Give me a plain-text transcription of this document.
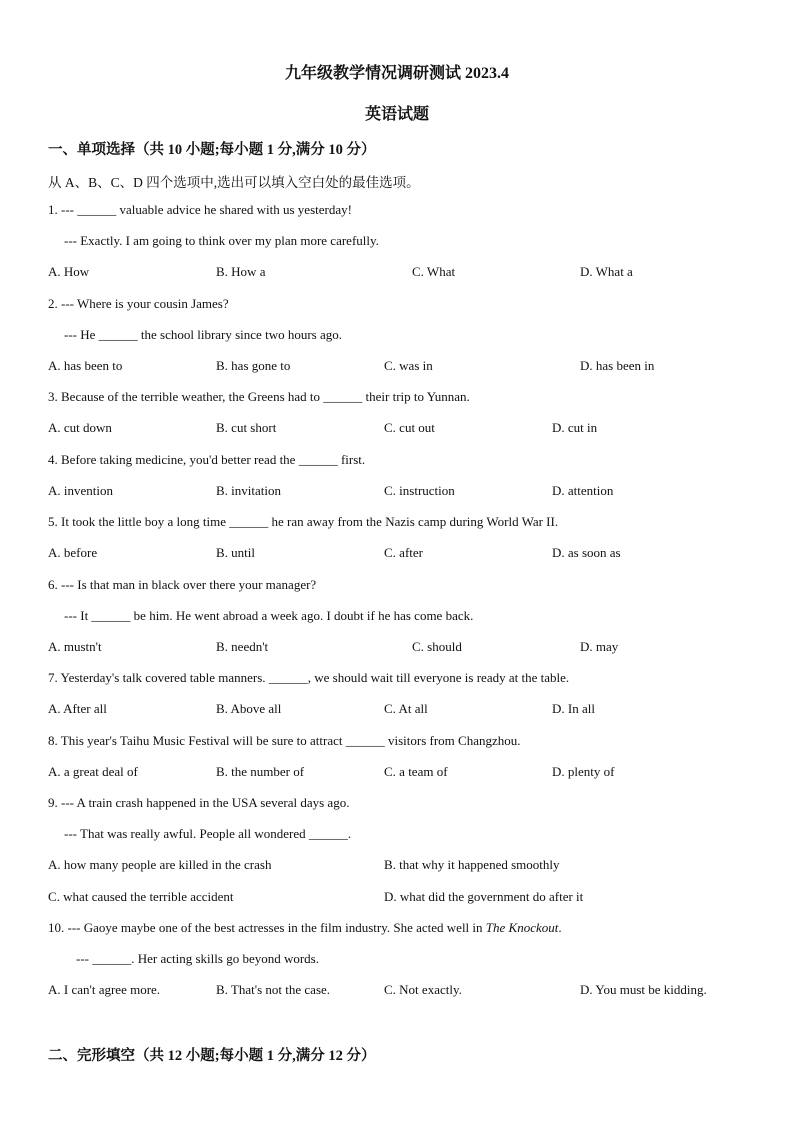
九年级教学情况调研测试 2023.4
英语试题
一、单项选择（共 10 小题;每小题 1 分,满分 10 分）
从 A、B、C、D 四个选项中,选出可以填入空白处的最佳选项。
1. --- ______ valuable advice he shared with us yesterday!
--- Exactly. I am going to think over my plan more carefully.
A. How	B. How a	C. What	D. What a
2. --- Where is your cousin James?
--- He ______ the school library since two hours ago.
A. has been to	B. has gone to	C. was in	D. has been in
3. Because of the terrible weather, the Greens had to ______ their trip to Yunnan.
A. cut down	B. cut short	C. cut out	D. cut in
4. Before taking medicine, you'd better read the ______ first.
A. invention	B. invitation	C. instruction	D. attention
5. It took the little boy a long time ______ he ran away from the Nazis camp during World War II.
A. before	B. until	C. after	D. as soon as
6. --- Is that man in black over there your manager?
--- It ______ be him. He went abroad a week ago. I doubt if he has come back.
A. mustn't	B. needn't	C. should	D. may
7. Yesterday's talk covered table manners. ______, we should wait till everyone is ready at the table.
A. After all	B. Above all	C. At all	D. In all
8. This year's Taihu Music Festival will be sure to attract ______ visitors from Changzhou.
A. a great deal of	B. the number of	C. a team of	D. plenty of
9. --- A train crash happened in the USA several days ago.
--- That was really awful. People all wondered ______.
A. how many people are killed in the crash	B. that why it happened smoothly
C. what caused the terrible accident	D. what did the government do after it
10. --- Gaoye maybe one of the best actresses in the film industry. She acted well in The Knockout.
--- ______. Her acting skills go beyond words.
A. I can't agree more.	B. That's not the case.	C. Not exactly.	D. You must be kidding.
二、完形填空（共 12 小题;每小题 1 分,满分 12 分）
